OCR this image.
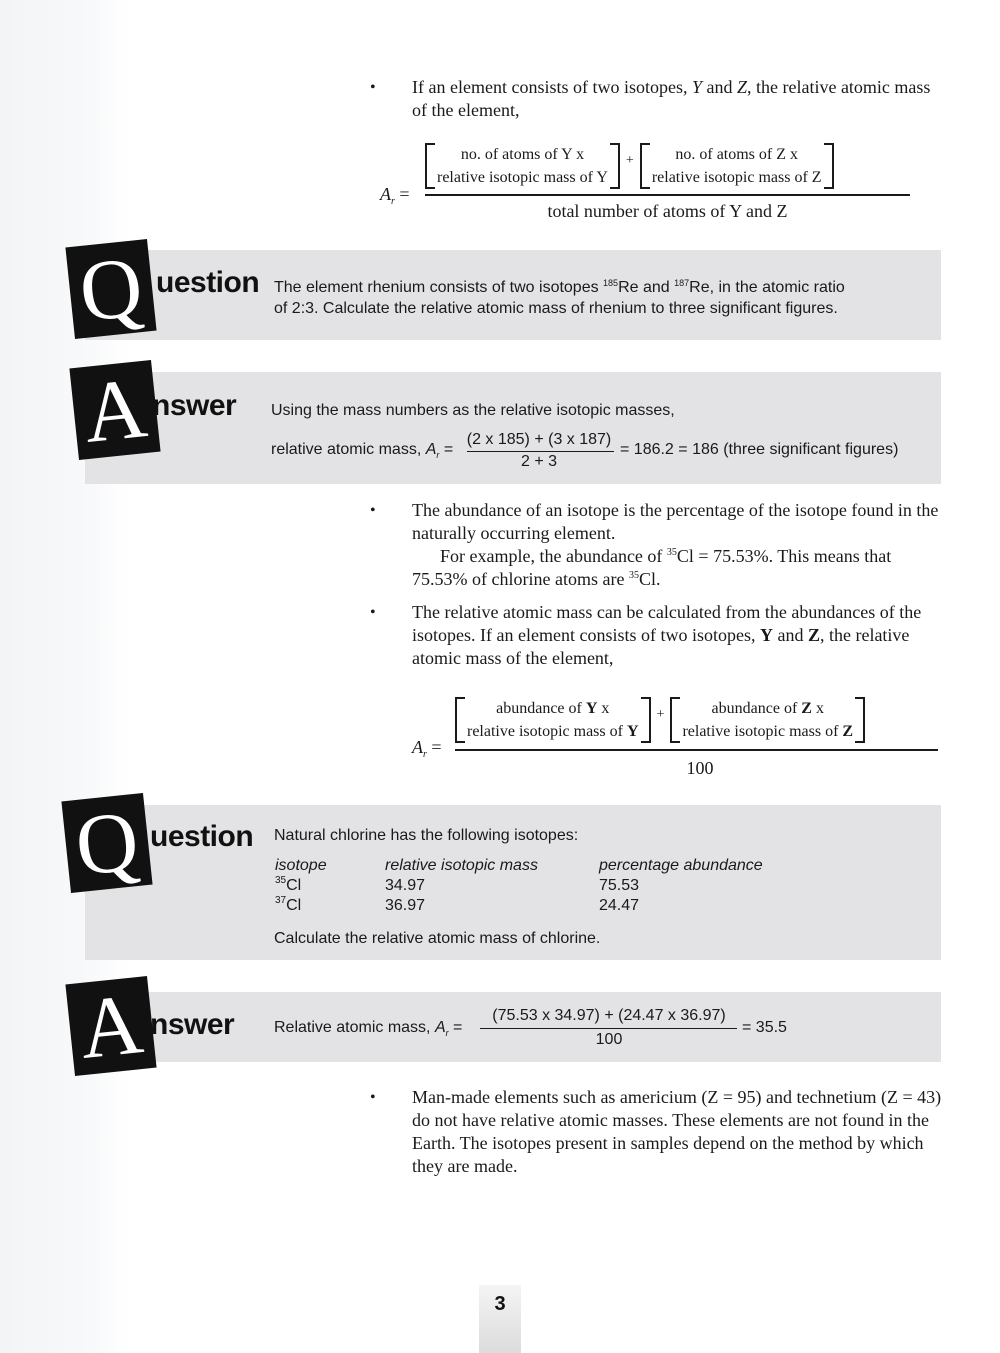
• If an element consists of two isotopes, Y and Z, the relative atomic mass of the element,
$A_r$ =
no. of atoms of Y x
relative isotopic mass of Y
+	no. of atoms of Z x
relative isotopic mass of Z
total number of atoms of Y and Z
Q uestion The element rhenium consists of two isotopes $^{185}$Re and $^{187}$Re, in the atomic ratio
of 2:3. Calculate the relative atomic mass of rhenium to three significant figures.
A nswer Using the mass numbers as the relative isotopic masses,
relative atomic mass, $A_r$ =
(2 x 185) + (3 x 187)
2 + 3
= 186.2 = 186 (three significant figures)
• The abundance of an isotope is the percentage of the isotope found in the naturally occurring element.
For example, the abundance of $^{35}$Cl = 75.53%. This means that 75.53% of chlorine atoms are $^{35}$Cl.
• The relative atomic mass can be calculated from the abundances of the isotopes. If an element consists of two isotopes, Y and Z, the relative atomic mass of the element,
$A_r$ =
abundance of Y x
relative isotopic mass of Y
+	abundance of Z x
relative isotopic mass of Z
100
Q uestion Natural chlorine has the following isotopes:
isotope	relative isotopic mass	percentage abundance
$^{35}$Cl	34.97	75.53
$^{37}$Cl	36.97	24.47
Calculate the relative atomic mass of chlorine.
A nswer Relative atomic mass, $A_r$ =
(75.53 x 34.97) + (24.47 x 36.97)
100
= 35.5
• Man-made elements such as americium (Z = 95) and technetium (Z = 43) do not have relative atomic masses. These elements are not found in the Earth. The isotopes present in samples depend on the method by which they are made.
3
